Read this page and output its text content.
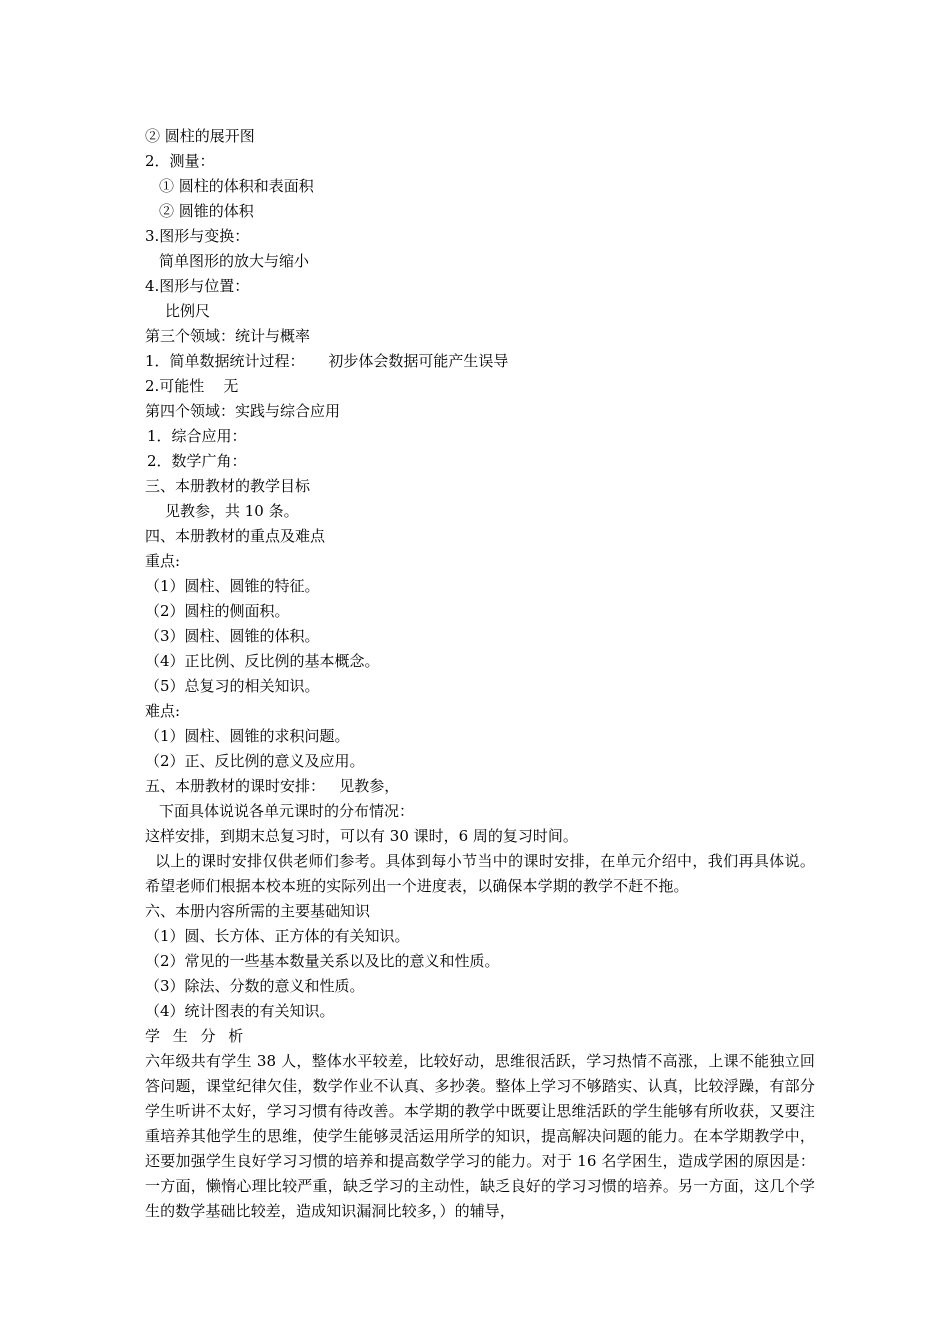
② 圆柱的展开图
2．测量：
① 圆柱的体积和表面积
② 圆锥的体积
3.图形与变换：
简单图形的放大与缩小
4.图形与位置：
比例尺
第三个领域：统计与概率
1．简单数据统计过程：     初步体会数据可能产生误导
2.可能性    无
第四个领域：实践与综合应用
1．综合应用：
2．数学广角：
三、本册教材的教学目标
见教参，共 10 条。
四、本册教材的重点及难点
重点:
（1）圆柱、圆锥的特征。
（2）圆柱的侧面积。
（3）圆柱、圆锥的体积。
（4）正比例、反比例的基本概念。
（5）总复习的相关知识。
难点:
（1）圆柱、圆锥的求积问题。
（2）正、反比例的意义及应用。
五、本册教材的课时安排：   见教参，
下面具体说说各单元课时的分布情况：
这样安排，到期末总复习时，可以有 30 课时，6 周的复习时间。
以上的课时安排仅供老师们参考。具体到每小节当中的课时安排，在单元介绍中，我们再具体说。希望老师们根据本校本班的实际列出一个进度表，以确保本学期的教学不赶不拖。
六、本册内容所需的主要基础知识
（1）圆、长方体、正方体的有关知识。
（2）常见的一些基本数量关系以及比的意义和性质。
（3）除法、分数的意义和性质。
（4）统计图表的有关知识。
学 生 分 析
六年级共有学生 38 人，整体水平较差，比较好动，思维很活跃，学习热情不高涨，上课不能独立回答问题，课堂纪律欠佳，数学作业不认真、多抄袭。整体上学习不够踏实、认真，比较浮躁，有部分学生听讲不太好，学习习惯有待改善。本学期的教学中既要让思维活跃的学生能够有所收获，又要注重培养其他学生的思维，使学生能够灵活运用所学的知识，提高解决问题的能力。在本学期教学中，还要加强学生良好学习习惯的培养和提高数学学习的能力。对于 16 名学困生，造成学困的原因是：一方面，懒惰心理比较严重，缺乏学习的主动性，缺乏良好的学习习惯的培养。另一方面，这几个学生的数学基础比较差，造成知识漏洞比较多，）的辅导，
